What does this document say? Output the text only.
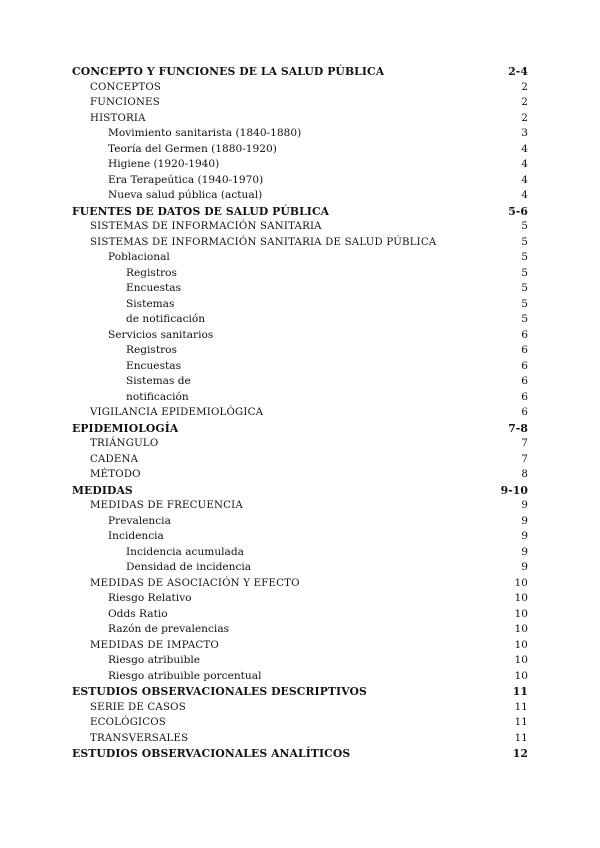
CONCEPTO Y FUNCIONES DE LA SALUD PÚBLICA	2-4
CONCEPTOS	2
FUNCIONES	2
HISTORIA	2
Movimiento sanitarista (1840-1880)	3
Teoría del Germen (1880-1920)	4
Higiene (1920-1940)	4
Era Terapeútica (1940-1970)	4
Nueva salud pública (actual)	4
FUENTES DE DATOS DE SALUD PÚBLICA	5-6
SISTEMAS DE INFORMACIÓN SANITARIA	5
SISTEMAS DE INFORMACIÓN SANITARIA DE SALUD PÚBLICA	5
Poblacional	5
Registros	5
Encuestas	5
Sistemas	5
de notificación	5
Servicios sanitarios	6
Registros	6
Encuestas	6
Sistemas de	6
notificación	6
VIGILANCIA EPIDEMIOLÓGICA	6
EPIDEMIOLOGÍA	7-8
TRIÁNGULO	7
CADENA	7
MÉTODO	8
MEDIDAS	9-10
MEDIDAS DE FRECUENCIA	9
Prevalencia	9
Incidencia	9
Incidencia acumulada	9
Densidad de incidencia	9
MEDIDAS DE ASOCIACIÓN Y EFECTO	10
Riesgo Relativo	10
Odds Ratio	10
Razón de prevalencias	10
MEDIDAS DE IMPACTO	10
Riesgo atribuible	10
Riesgo atribuible porcentual	10
ESTUDIOS OBSERVACIONALES DESCRIPTIVOS	11
SERIE DE CASOS	11
ECOLÓGICOS	11
TRANSVERSALES	11
ESTUDIOS OBSERVACIONALES ANALÍTICOS	12
